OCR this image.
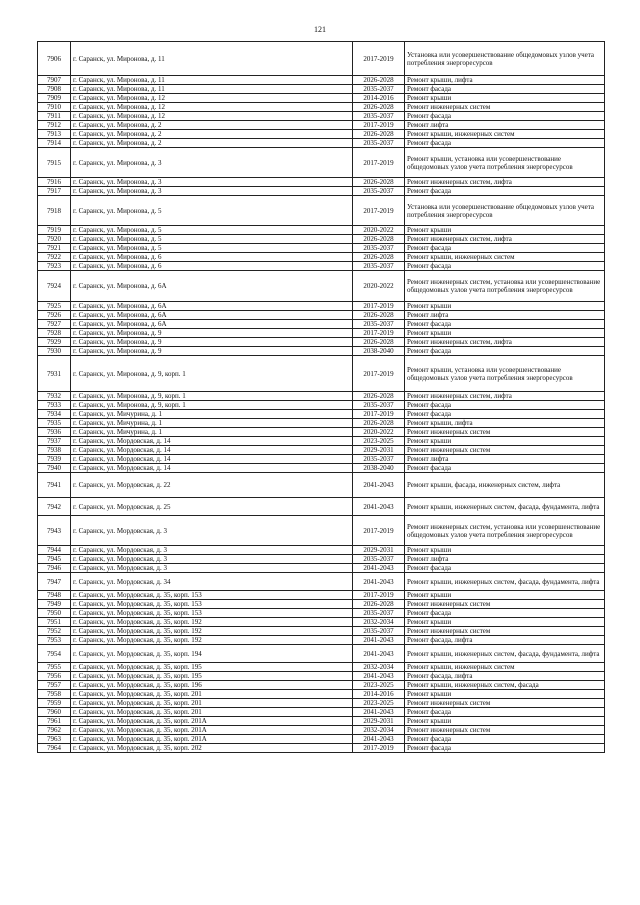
121
7906	г. Саранск, ул. Миронова, д. 11	2017-2019	Установка или усовершенствование общедомовых узлов учета потребления энергоресурсов
7907	г. Саранск, ул. Миронова, д. 11	2026-2028	Ремонт крыши, лифта
7908	г. Саранск, ул. Миронова, д. 11	2035-2037	Ремонт фасада
7909	г. Саранск, ул. Миронова, д. 12	2014-2016	Ремонт крыши
7910	г. Саранск, ул. Миронова, д. 12	2026-2028	Ремонт инженерных систем
7911	г. Саранск, ул. Миронова, д. 12	2035-2037	Ремонт фасада
7912	г. Саранск, ул. Миронова, д. 2	2017-2019	Ремонт лифта
7913	г. Саранск, ул. Миронова, д. 2	2026-2028	Ремонт крыши, инженерных систем
7914	г. Саранск, ул. Миронова, д. 2	2035-2037	Ремонт фасада
7915	г. Саранск, ул. Миронова, д. 3	2017-2019	Ремонт крыши, установка или усовершенствование общедомовых узлов учета потребления энергоресурсов
7916	г. Саранск, ул. Миронова, д. 3	2026-2028	Ремонт инженерных систем, лифта
7917	г. Саранск, ул. Миронова, д. 3	2035-2037	Ремонт фасада
7918	г. Саранск, ул. Миронова, д. 5	2017-2019	Установка или усовершенствование общедомовых узлов учета потребления энергоресурсов
7919	г. Саранск, ул. Миронова, д. 5	2020-2022	Ремонт крыши
7920	г. Саранск, ул. Миронова, д. 5	2026-2028	Ремонт инженерных систем, лифта
7921	г. Саранск, ул. Миронова, д. 5	2035-2037	Ремонт фасада
7922	г. Саранск, ул. Миронова, д. 6	2026-2028	Ремонт крыши, инженерных систем
7923	г. Саранск, ул. Миронова, д. 6	2035-2037	Ремонт фасада
7924	г. Саранск, ул. Миронова, д. 6А	2020-2022	Ремонт инженерных систем, установка или усовершенствование общедомовых узлов учета потребления энергоресурсов
7925	г. Саранск, ул. Миронова, д. 6А	2017-2019	Ремонт крыши
7926	г. Саранск, ул. Миронова, д. 6А	2026-2028	Ремонт лифта
7927	г. Саранск, ул. Миронова, д. 6А	2035-2037	Ремонт фасада
7928	г. Саранск, ул. Миронова, д. 9	2017-2019	Ремонт крыши
7929	г. Саранск, ул. Миронова, д. 9	2026-2028	Ремонт инженерных систем, лифта
7930	г. Саранск, ул. Миронова, д. 9	2038-2040	Ремонт фасада
7931	г. Саранск, ул. Миронова, д. 9, корп. 1	2017-2019	Ремонт крыши, установка или усовершенствование общедомовых узлов учета потребления энергоресурсов
7932	г. Саранск, ул. Миронова, д. 9, корп. 1	2026-2028	Ремонт инженерных систем, лифта
7933	г. Саранск, ул. Миронова, д. 9, корп. 1	2035-2037	Ремонт фасада
7934	г. Саранск, ул. Мичурина, д. 1	2017-2019	Ремонт фасада
7935	г. Саранск, ул. Мичурина, д. 1	2026-2028	Ремонт крыши, лифта
7936	г. Саранск, ул. Мичурина, д. 1	2020-2022	Ремонт инженерных систем
7937	г. Саранск, ул. Мордовская, д. 14	2023-2025	Ремонт крыши
7938	г. Саранск, ул. Мордовская, д. 14	2029-2031	Ремонт инженерных систем
7939	г. Саранск, ул. Мордовская, д. 14	2035-2037	Ремонт лифта
7940	г. Саранск, ул. Мордовская, д. 14	2038-2040	Ремонт фасада
7941	г. Саранск, ул. Мордовская, д. 22	2041-2043	Ремонт крыши, фасада, инженерных систем, лифта
7942	г. Саранск, ул. Мордовская, д. 25	2041-2043	Ремонт крыши, инженерных систем, фасада, фундамента, лифта
7943	г. Саранск, ул. Мордовская, д. 3	2017-2019	Ремонт инженерных систем, установка или усовершенствование общедомовых узлов учета потребления энергоресурсов
7944	г. Саранск, ул. Мордовская, д. 3	2029-2031	Ремонт крыши
7945	г. Саранск, ул. Мордовская, д. 3	2035-2037	Ремонт лифта
7946	г. Саранск, ул. Мордовская, д. 3	2041-2043	Ремонт фасада
7947	г. Саранск, ул. Мордовская, д. 34	2041-2043	Ремонт крыши, инженерных систем, фасада, фундамента, лифта
7948	г. Саранск, ул. Мордовская, д. 35, корп. 153	2017-2019	Ремонт крыши
7949	г. Саранск, ул. Мордовская, д. 35, корп. 153	2026-2028	Ремонт инженерных систем
7950	г. Саранск, ул. Мордовская, д. 35, корп. 153	2035-2037	Ремонт фасада
7951	г. Саранск, ул. Мордовская, д. 35, корп. 192	2032-2034	Ремонт крыши
7952	г. Саранск, ул. Мордовская, д. 35, корп. 192	2035-2037	Ремонт инженерных систем
7953	г. Саранск, ул. Мордовская, д. 35, корп. 192	2041-2043	Ремонт фасада, лифта
7954	г. Саранск, ул. Мордовская, д. 35, корп. 194	2041-2043	Ремонт крыши, инженерных систем, фасада, фундамента, лифта
7955	г. Саранск, ул. Мордовская, д. 35, корп. 195	2032-2034	Ремонт крыши, инженерных систем
7956	г. Саранск, ул. Мордовская, д. 35, корп. 195	2041-2043	Ремонт фасада, лифта
7957	г. Саранск, ул. Мордовская, д. 35, корп. 196	2023-2025	Ремонт крыши, инженерных систем, фасада
7958	г. Саранск, ул. Мордовская, д. 35, корп. 201	2014-2016	Ремонт крыши
7959	г. Саранск, ул. Мордовская, д. 35, корп. 201	2023-2025	Ремонт инженерных систем
7960	г. Саранск, ул. Мордовская, д. 35, корп. 201	2041-2043	Ремонт фасада
7961	г. Саранск, ул. Мордовская, д. 35, корп. 201А	2029-2031	Ремонт крыши
7962	г. Саранск, ул. Мордовская, д. 35, корп. 201А	2032-2034	Ремонт инженерных систем
7963	г. Саранск, ул. Мордовская, д. 35, корп. 201А	2041-2043	Ремонт фасада
7964	г. Саранск, ул. Мордовская, д. 35, корп. 202	2017-2019	Ремонт фасада
